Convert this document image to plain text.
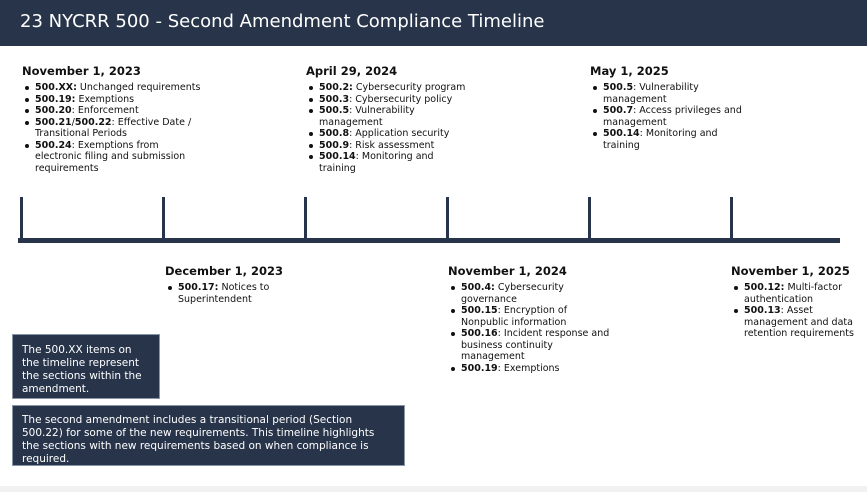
23 NYCRR 500 - Second Amendment Compliance Timeline
November 1, 2023
500.XX: Unchanged requirements
500.19: Exemptions
500.20: Enforcement
500.21/500.22: Effective Date / Transitional Periods
500.24: Exemptions from electronic filing and submission requirements
December 1, 2023
500.17: Notices to Superintendent
April 29, 2024
500.2: Cybersecurity program
500.3: Cybersecurity policy
500.5: Vulnerability management
500.8: Application security
500.9: Risk assessment
500.14: Monitoring and training
November 1, 2024
500.4: Cybersecurity governance
500.15: Encryption of Nonpublic information
500.16: Incident response and business continuity management
500.19: Exemptions
May 1, 2025
500.5: Vulnerability management
500.7: Access privileges and management
500.14: Monitoring and training
November 1, 2025
500.12: Multi-factor authentication
500.13: Asset management and data retention requirements
The 500.XX items on the timeline represent the sections within the amendment.
The second amendment includes a transitional period (Section 500.22) for some of the new requirements. This timeline highlights the sections with new requirements based on when compliance is required.
